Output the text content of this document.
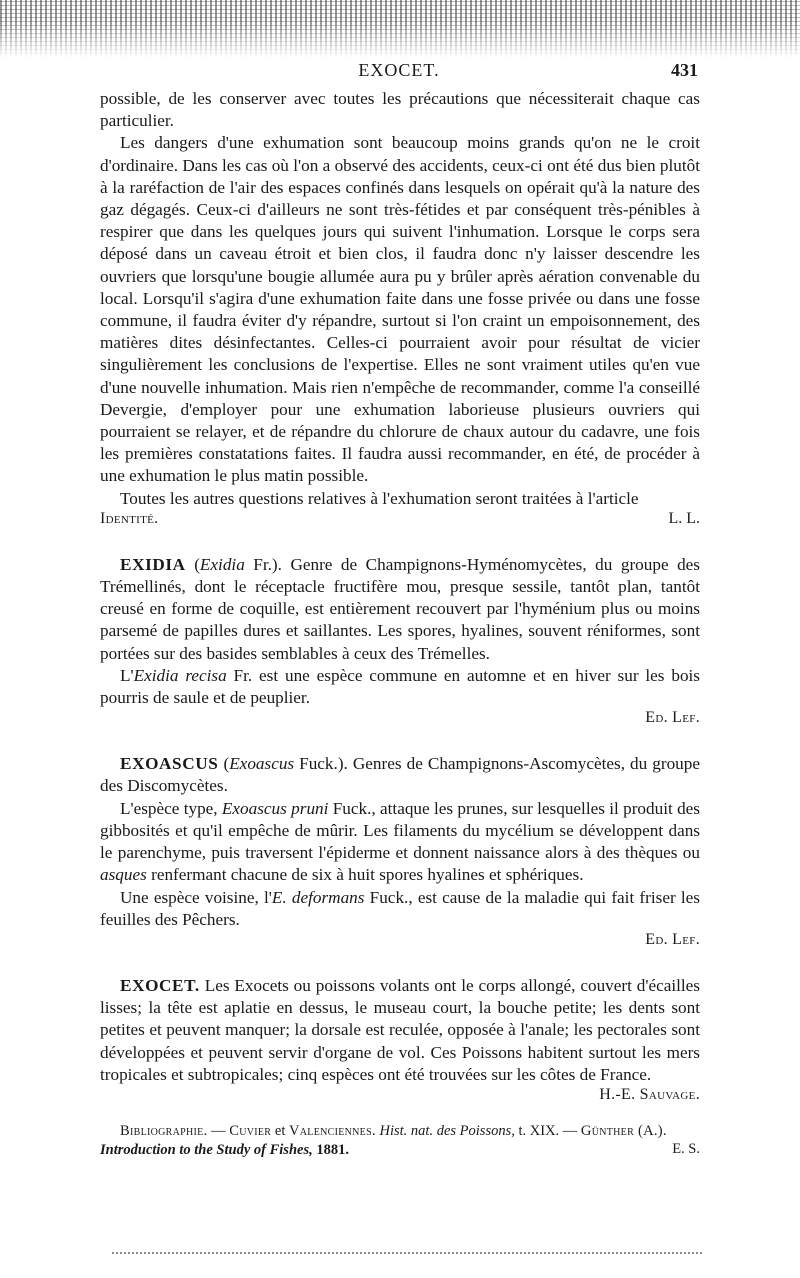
EXOCET.	431

possible, de les conserver avec toutes les précautions que nécessiterait chaque cas particulier.

Les dangers d'une exhumation sont beaucoup moins grands qu'on ne le croit d'ordinaire. Dans les cas où l'on a observé des accidents, ceux-ci ont été dus bien plutôt à la raréfaction de l'air des espaces confinés dans lesquels on opérait qu'à la nature des gaz dégagés. Ceux-ci d'ailleurs ne sont très-fétides et par conséquent très-pénibles à respirer que dans les quelques jours qui suivent l'inhumation. Lorsque le corps sera déposé dans un caveau étroit et bien clos, il faudra donc n'y laisser descendre les ouvriers que lorsqu'une bougie allumée aura pu y brûler après aération convenable du local. Lorsqu'il s'agira d'une exhumation faite dans une fosse privée ou dans une fosse commune, il faudra éviter d'y répandre, surtout si l'on craint un empoisonnement, des matières dites désinfectantes. Celles-ci pourraient avoir pour résultat de vicier singulièrement les conclusions de l'expertise. Elles ne sont vraiment utiles qu'en vue d'une nouvelle inhumation. Mais rien n'empêche de recommander, comme l'a conseillé Devergie, d'employer pour une exhumation laborieuse plusieurs ouvriers qui pourraient se relayer, et de répandre du chlorure de chaux autour du cadavre, une fois les premières constatations faites. Il faudra aussi recommander, en été, de procéder à une exhumation le plus matin possible.

Toutes les autres questions relatives à l'exhumation seront traitées à l'article

Identité.	L. L.

EXIDIA (Exidia Fr.). Genre de Champignons-Hyménomycètes, du groupe des Trémellinés, dont le réceptacle fructifère mou, presque sessile, tantôt plan, tantôt creusé en forme de coquille, est entièrement recouvert par l'hyménium plus ou moins parsemé de papilles dures et saillantes. Les spores, hyalines, souvent réniformes, sont portées sur des basides semblables à ceux des Trémelles.

L'Exidia recisa Fr. est une espèce commune en automne et en hiver sur les bois pourris de saule et de peuplier.

Ed. Lef.

EXOASCUS (Exoascus Fuck.). Genres de Champignons-Ascomycètes, du groupe des Discomycètes.

L'espèce type, Exoascus pruni Fuck., attaque les prunes, sur lesquelles il produit des gibbosités et qu'il empêche de mûrir. Les filaments du mycélium se développent dans le parenchyme, puis traversent l'épiderme et donnent naissance alors à des thèques ou asques renfermant chacune de six à huit spores hyalines et sphériques.

Une espèce voisine, l'E. deformans Fuck., est cause de la maladie qui fait friser les feuilles des Pêchers.

Ed. Lef.

EXOCET. Les Exocets ou poissons volants ont le corps allongé, couvert d'écailles lisses; la tête est aplatie en dessus, le museau court, la bouche petite; les dents sont petites et peuvent manquer; la dorsale est reculée, opposée à l'anale; les pectorales sont développées et peuvent servir d'organe de vol. Ces Poissons habitent surtout les mers tropicales et subtropicales; cinq espèces ont été trouvées sur les côtes de France.

H.-E. Sauvage.

Bibliographie. — Cuvier et Valenciennes. Hist. nat. des Poissons, t. XIX. — Günther (A.).

Introduction to the Study of Fishes, 1881.	E. S.
